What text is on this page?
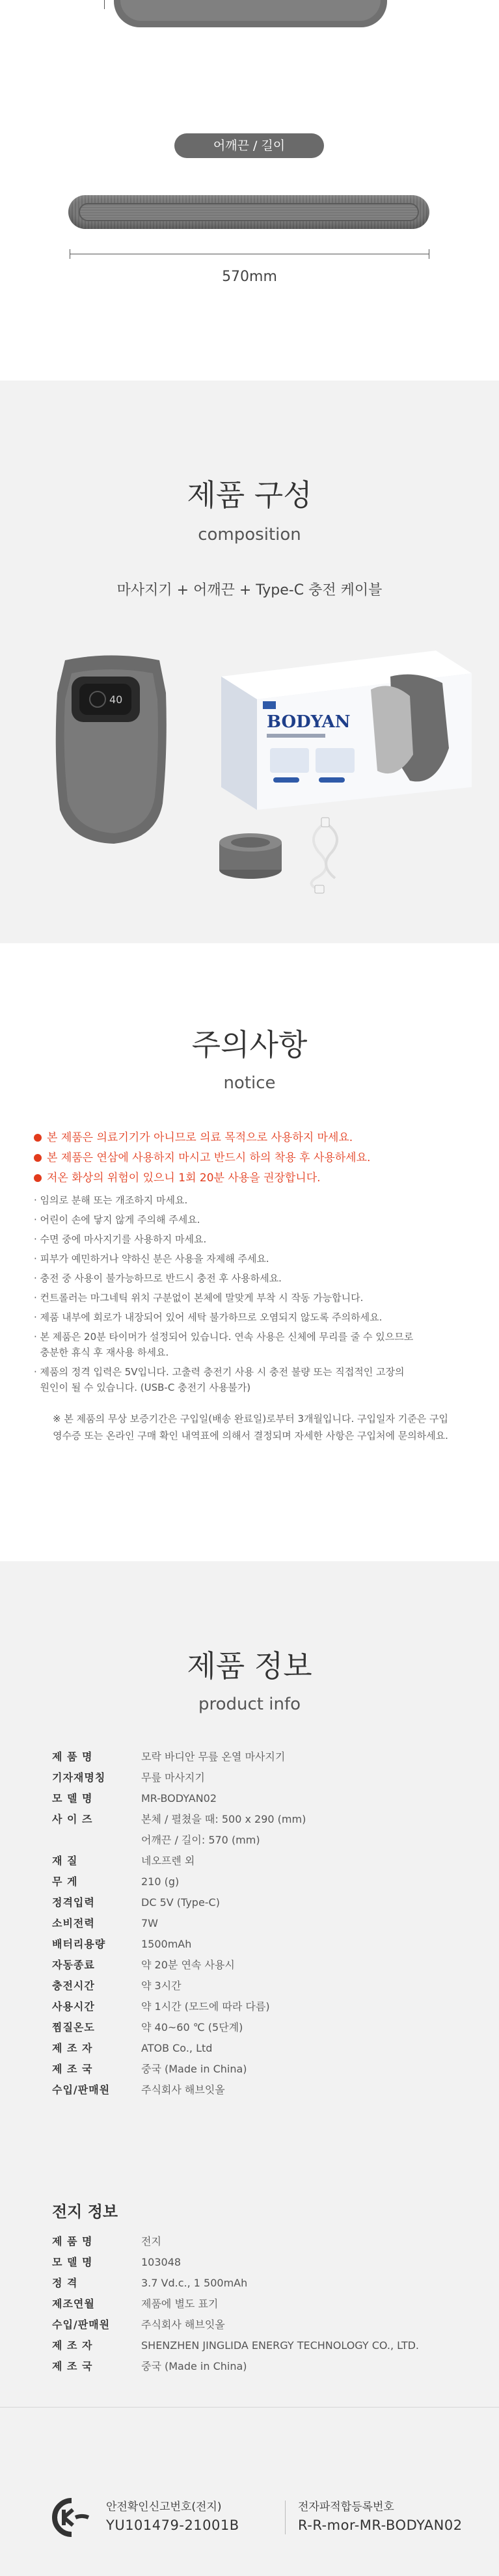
어깨끈 / 길이
570mm
제품 구성
composition
마사지기 + 어깨끈 + Type-C 충전 케이블
40
BODYAN
주의사항
notice
본 제품은 의료기기가 아니므로 의료 목적으로 사용하지 마세요.
본 제품은 연삼에 사용하지 마시고 반드시 하의 착용 후 사용하세요.
저온 화상의 위험이 있으니 1회 20분 사용을 권장합니다.
· 임의로 분해 또는 개조하지 마세요.
· 어린이 손에 닿지 않게 주의해 주세요.
· 수면 중에 마사지기를 사용하지 마세요.
· 피부가 예민하거나 약하신 분은 사용을 자제해 주세요.
· 충전 중 사용이 불가능하므로 반드시 충전 후 사용하세요.
· 컨트롤러는 마그네틱 위치 구분없이 본체에 말맞게 부착 시 작동 가능합니다.
· 제품 내부에 회로가 내장되어 있어 세탁 불가하므로 오염되지 않도록 주의하세요.
· 본 제품은 20분 타이머가 설정되어 있습니다. 연속 사용은 신체에 무리를 줄 수 있으므로
충분한 휴식 후 재사용 하세요.
· 제품의 정격 입력은 5V입니다. 고출력 충전기 사용 시 충전 불량 또는 직접적인 고장의
원인이 될 수 있습니다. (USB-C 충전기 사용불가)
※ 본 제품의 무상 보증기간은 구입일(배송 완료일)로부터 3개월입니다. 구입일자 기준은 구입
영수증 또는 온라인 구매 확인 내역표에 의해서 결정되며 자세한 사항은 구입처에 문의하세요.
제품 정보
product info
제 품 명	모락 바디안 무릎 온열 마사지기
기자재명칭	무릎 마사지기
모 델 명	MR-BODYAN02
사 이 즈	본체 / 펼쳤을 때: 500 x 290 (mm)
어깨끈 / 길이: 570 (mm)
재 질	네오프렌 외
무 게	210 (g)
정격입력	DC 5V (Type-C)
소비전력	7W
배터리용량	1500mAh
자동종료	약 20분 연속 사용시
충전시간	약 3시간
사용시간	약 1시간 (모드에 따라 다름)
찜질온도	약 40~60 ℃ (5단계)
제 조 자	ATOB Co., Ltd
제 조 국	중국 (Made in China)
수입/판매원	주식회사 해브잇올
전지 정보
제 품 명	전지
모 델 명	103048
정 격	3.7 Vd.c., 1 500mAh
제조연월	제품에 별도 표기
수입/판매원	주식회사 해브잇올
제 조 자	SHENZHEN JINGLIDA ENERGY TECHNOLOGY CO., LTD.
제 조 국	중국 (Made in China)
안전확인신고번호(전지)
YU101479-21001B
전자파적합등록번호
R-R-mor-MR-BODYAN02
